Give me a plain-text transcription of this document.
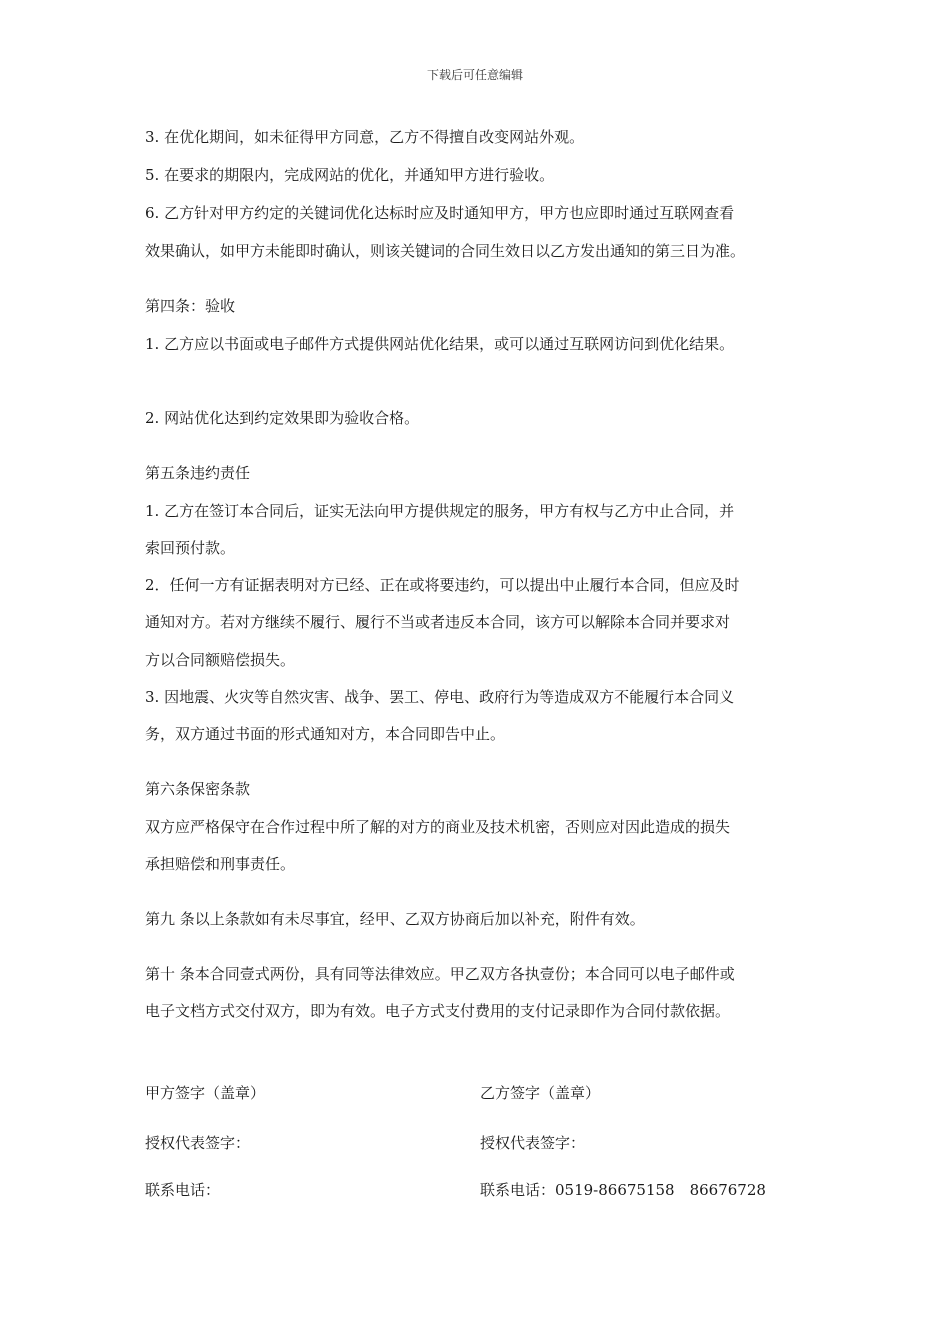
下载后可任意编辑
3. 在优化期间，如未征得甲方同意，乙方不得擅自改变网站外观。
5. 在要求的期限内，完成网站的优化，并通知甲方进行验收。
6. 乙方针对甲方约定的关键词优化达标时应及时通知甲方，甲方也应即时通过互联网查看
效果确认，如甲方未能即时确认，则该关键词的合同生效日以乙方发出通知的第三日为准。
第四条：验收
1. 乙方应以书面或电子邮件方式提供网站优化结果，或可以通过互联网访问到优化结果。
2. 网站优化达到约定效果即为验收合格。
第五条违约责任
1. 乙方在签订本合同后，证实无法向甲方提供规定的服务，甲方有权与乙方中止合同，并
索回预付款。
2．任何一方有证据表明对方已经、正在或将要违约，可以提出中止履行本合同，但应及时
通知对方。若对方继续不履行、履行不当或者违反本合同，该方可以解除本合同并要求对
方以合同额赔偿损失。
3. 因地震、火灾等自然灾害、战争、罢工、停电、政府行为等造成双方不能履行本合同义
务，双方通过书面的形式通知对方，本合同即告中止。
第六条保密条款
双方应严格保守在合作过程中所了解的对方的商业及技术机密，否则应对因此造成的损失
承担赔偿和刑事责任。
第九 条以上条款如有未尽事宜，经甲、乙双方协商后加以补充，附件有效。
第十 条本合同壹式两份，具有同等法律效应。甲乙双方各执壹份；本合同可以电子邮件或
电子文档方式交付双方，即为有效。电子方式支付费用的支付记录即作为合同付款依据。
甲方签字（盖章）	乙方签字（盖章）
授权代表签字：	授权代表签字：
联系电话：	联系电话：0519-86675158　86676728
